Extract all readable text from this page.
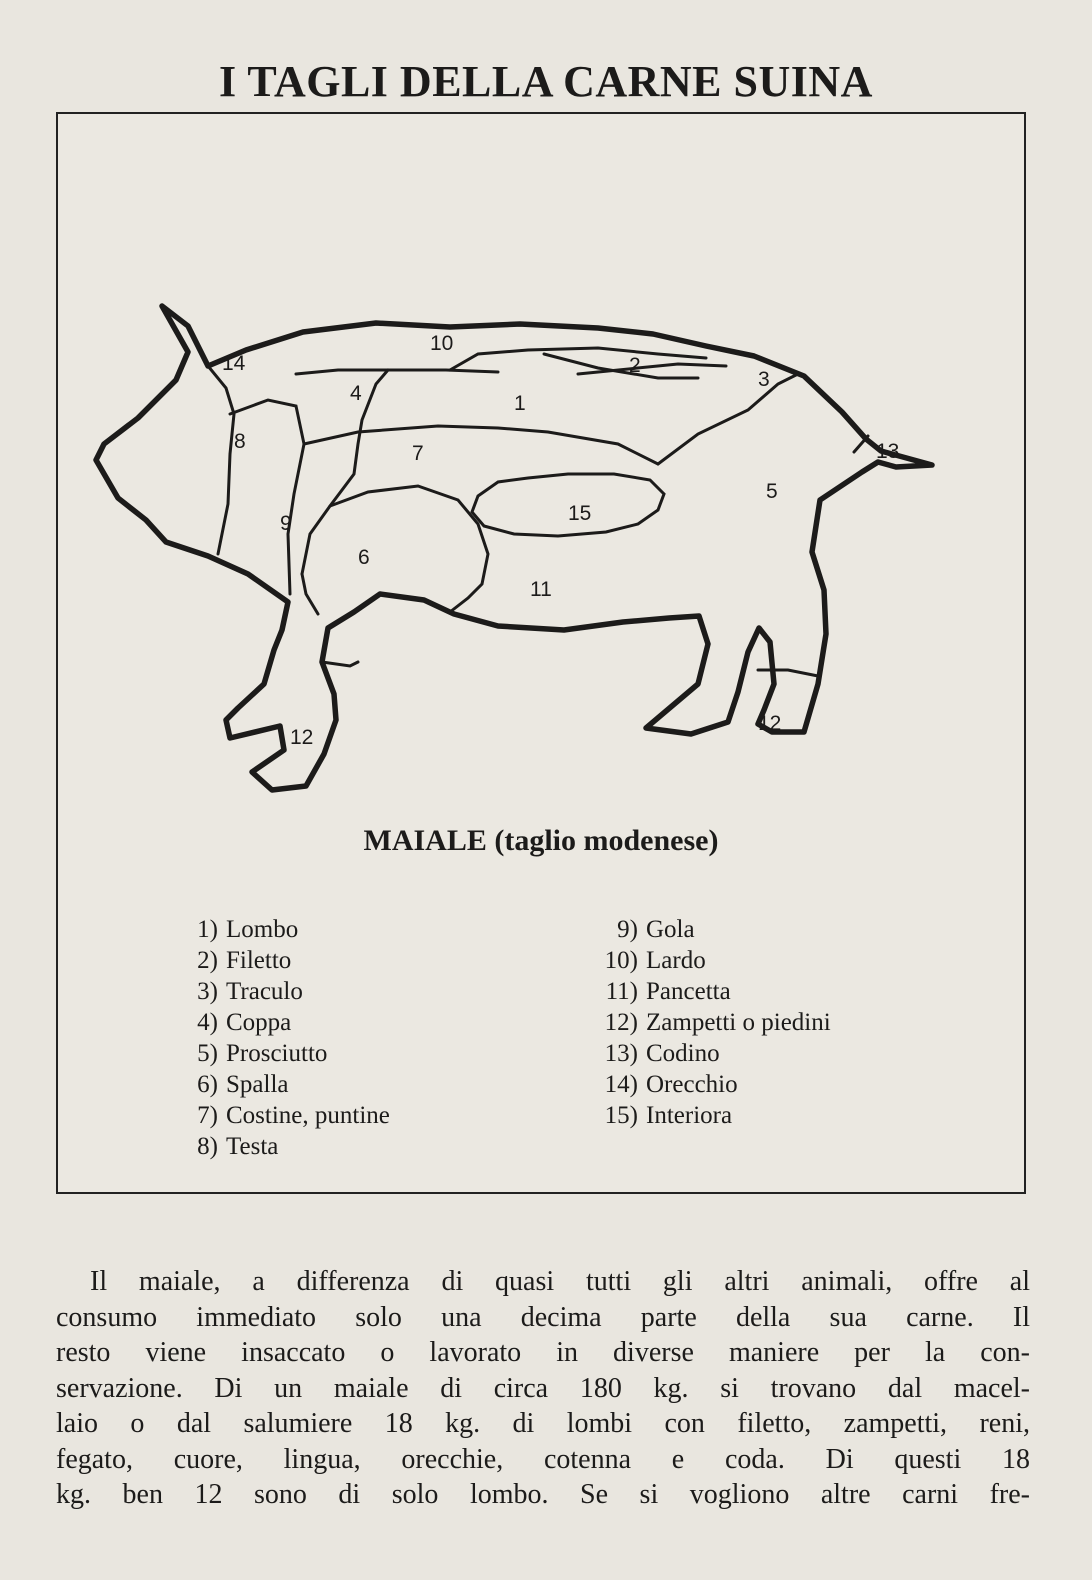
I TAGLI DELLA CARNE SUINA
1
2
3
4
5
6
7
8
9
10
11
12
12
13
14
15
MAIALE (taglio modenese)
1) Lombo
2) Filetto
3) Traculo
4) Coppa
5) Prosciutto
6) Spalla
7) Costine, puntine
8) Testa
9) Gola
10) Lardo
11) Pancetta
12) Zampetti o piedini
13) Codino
14) Orecchio
15) Interiora
Il maiale, a differenza di quasi tutti gli altri animali, offre al
consumo immediato solo una decima parte della sua carne. Il
resto viene insaccato o lavorato in diverse maniere per la con-
servazione. Di un maiale di circa 180 kg. si trovano dal macel-
laio o dal salumiere 18 kg. di lombi con filetto, zampetti, reni,
fegato, cuore, lingua, orecchie, cotenna e coda. Di questi 18
kg. ben 12 sono di solo lombo. Se si vogliono altre carni fre-
